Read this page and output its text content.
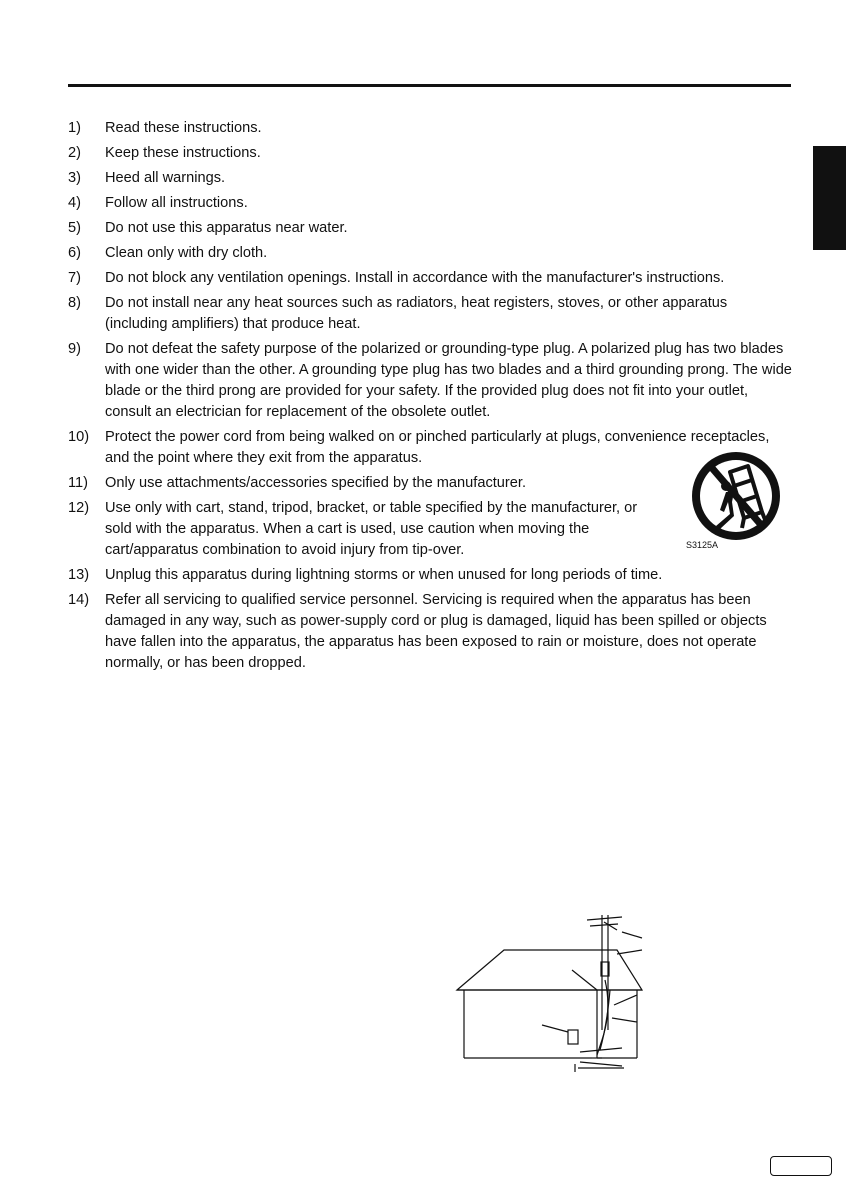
1) Read these instructions.
2) Keep these instructions.
3) Heed all warnings.
4) Follow all instructions.
5) Do not use this apparatus near water.
6) Clean only with dry cloth.
7) Do not block any ventilation openings. Install in accordance with the manufacturer's instructions.
8) Do not install near any heat sources such as radiators, heat registers, stoves, or other apparatus (including amplifiers) that produce heat.
9) Do not defeat the safety purpose of the polarized or grounding-type plug. A polarized plug has two blades with one wider than the other. A grounding type plug has two blades and a third grounding prong. The wide blade or the third prong are provided for your safety. If the provided plug does not fit into your outlet, consult an electrician for replacement of the obsolete outlet.
10) Protect the power cord from being walked on or pinched particularly at plugs, convenience receptacles, and the point where they exit from the apparatus.
11) Only use attachments/accessories specified by the manufacturer.
12) Use only with cart, stand, tripod, bracket, or table specified by the manufacturer, or sold with the apparatus. When a cart is used, use caution when moving the cart/apparatus combination to avoid injury from tip-over.
13) Unplug this apparatus during lightning storms or when unused for long periods of time.
14) Refer all servicing to qualified service personnel. Servicing is required when the apparatus has been damaged in any way, such as power-supply cord or plug is damaged, liquid has been spilled or objects have fallen into the apparatus, the apparatus has been exposed to rain or moisture, does not operate normally, or has been dropped.
S3125A
